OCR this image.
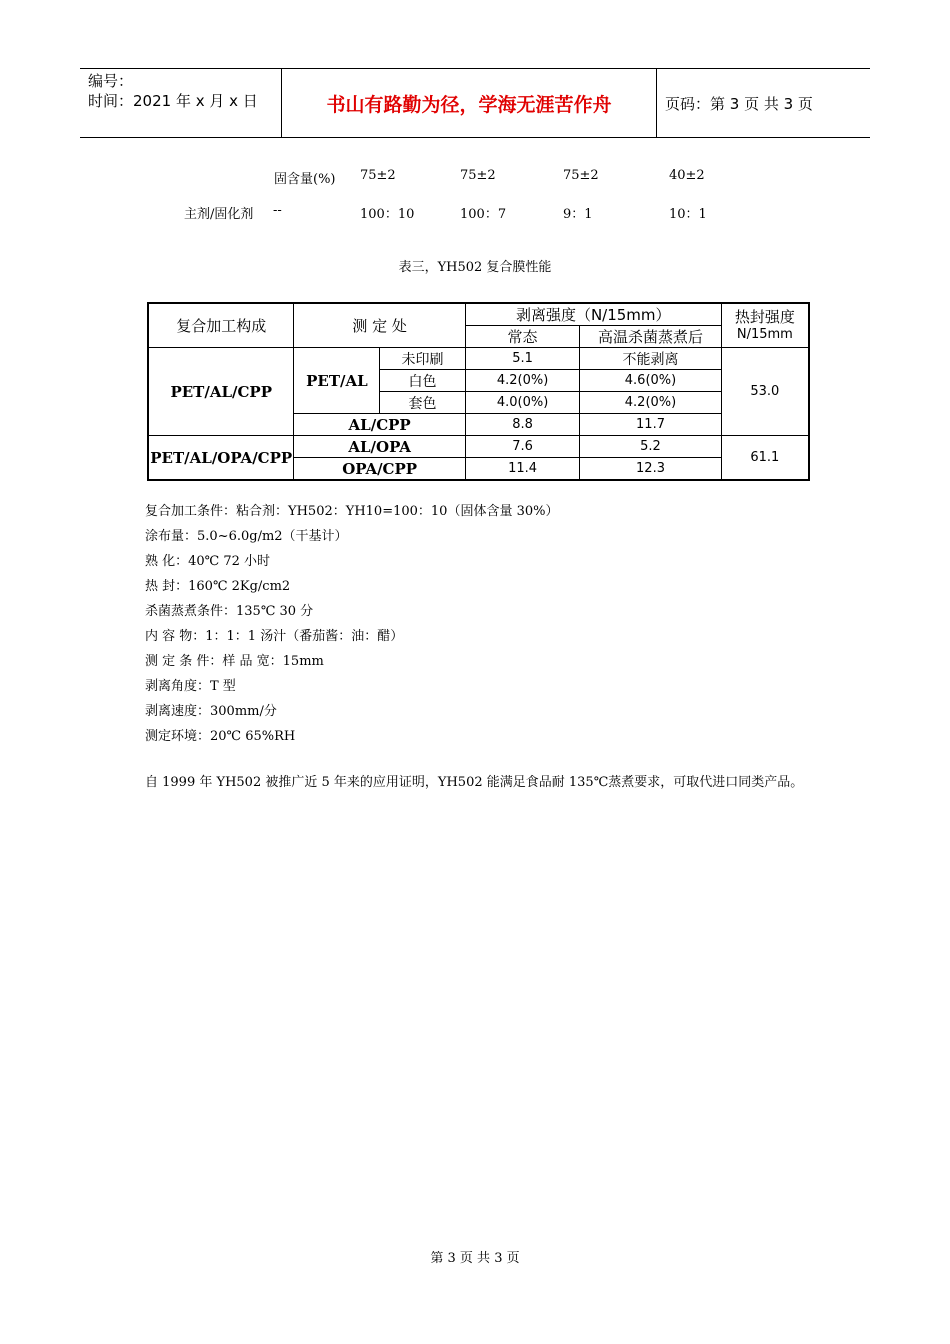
编号：
时间：2021 年 x 月 x 日	书山有路勤为径，学海无涯苦作舟	页码：第 3 页 共 3 页
固含量(%) 75±2	75±2	75±2	40±2
主剂/固化剂 --	100：10	100：7	9：1	10：1
表三，YH502 复合膜性能
复合加工构成	测 定 处		剥离强度（N/15mm）		热封强度
N/15mm

			常态	高温杀菌蒸煮后	
PET/AL/CPP	PET/AL	未印刷	5.1	不能剥离	53.0
		白色	4.2(0%)	4.6(0%)	
		套色	4.0(0%)	4.2(0%)	
	AL/CPP		8.8	11.7	
PET/AL/OPA/CPP	AL/OPA		7.6	5.2	61.1
	OPA/CPP		11.4	12.3	
复合加工条件：粘合剂：YH502：YH10=100：10（固体含量 30%）
涂布量：5.0~6.0g/m2（干基计）
熟 化：40℃ 72 小时
热 封：160℃ 2Kg/cm2
杀菌蒸煮条件：135℃ 30 分
内 容 物：1：1：1 汤汁（番茄酱：油：醋）
测 定 条 件：样 品 宽：15mm
剥离角度：T 型
剥离速度：300mm/分
测定环境：20℃ 65%RH
自 1999 年 YH502 被推广近 5 年来的应用证明，YH502 能满足食品耐 135℃蒸煮要求，可取代进口同类产品。
第 3 页 共 3 页
